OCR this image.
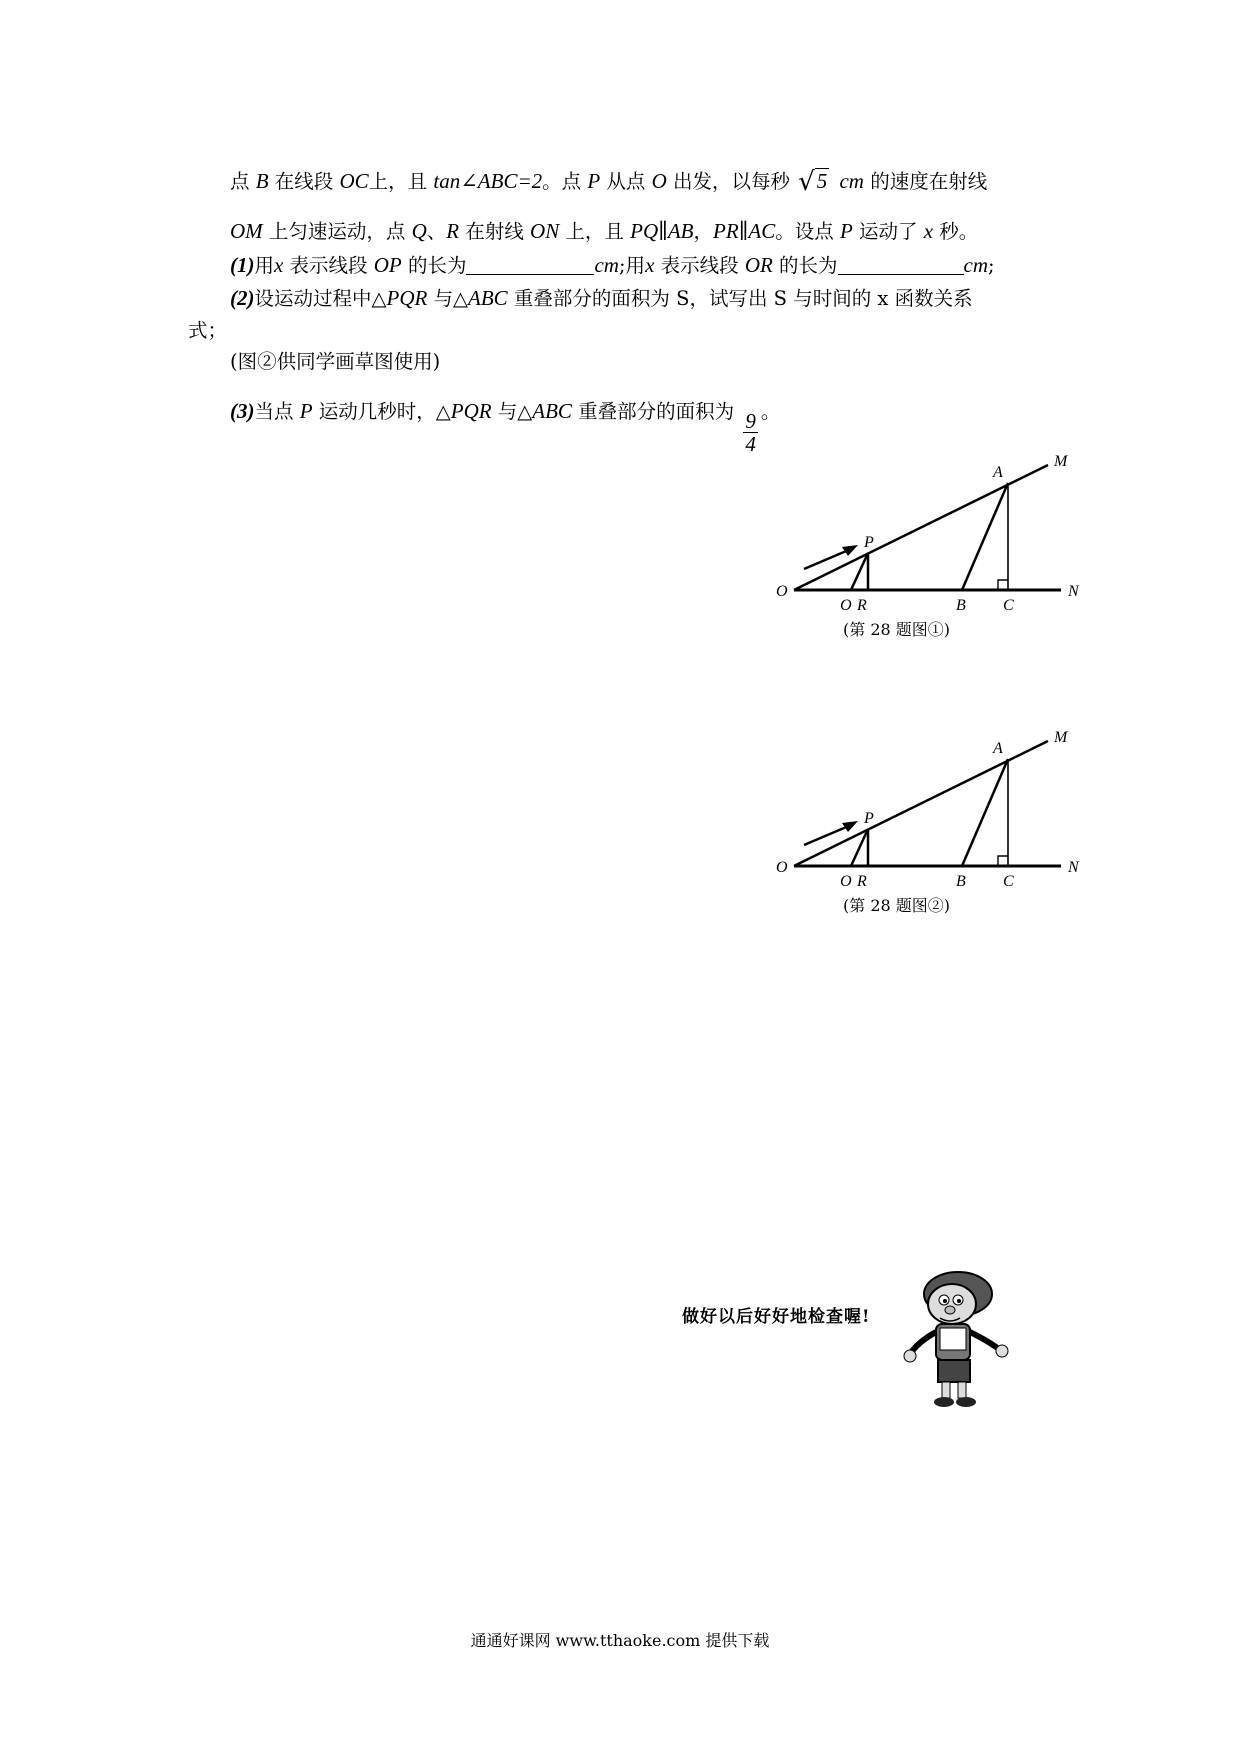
点 B 在线段 OC上，且 tan∠ABC=2。点 P 从点 O 出发，以每秒 √5 cm 的速度在射线
OM 上匀速运动，点 Q、R 在射线 ON 上，且 PQ∥AB，PR∥AC。设点 P 运动了 x 秒。
(1)用x 表示线段 OP 的长为	cm;用x 表示线段 OR 的长为	cm;
(2)设运动过程中△PQR 与△ABC 重叠部分的面积为 S，试写出 S 与时间的 x 函数关系
式；
(图②供同学画草图使用)
(3)当点 P 运动几秒时，△PQR 与△ABC 重叠部分的面积为 $\frac{9}{4}$ 。
O
P
Q R	B C
A
M
N
(第 28 题图①)
O
P
Q R	B C
A
M
N
(第 28 题图②)
做好以后好好地检查喔!
通通好课网 www.tthaoke.com 提供下载
